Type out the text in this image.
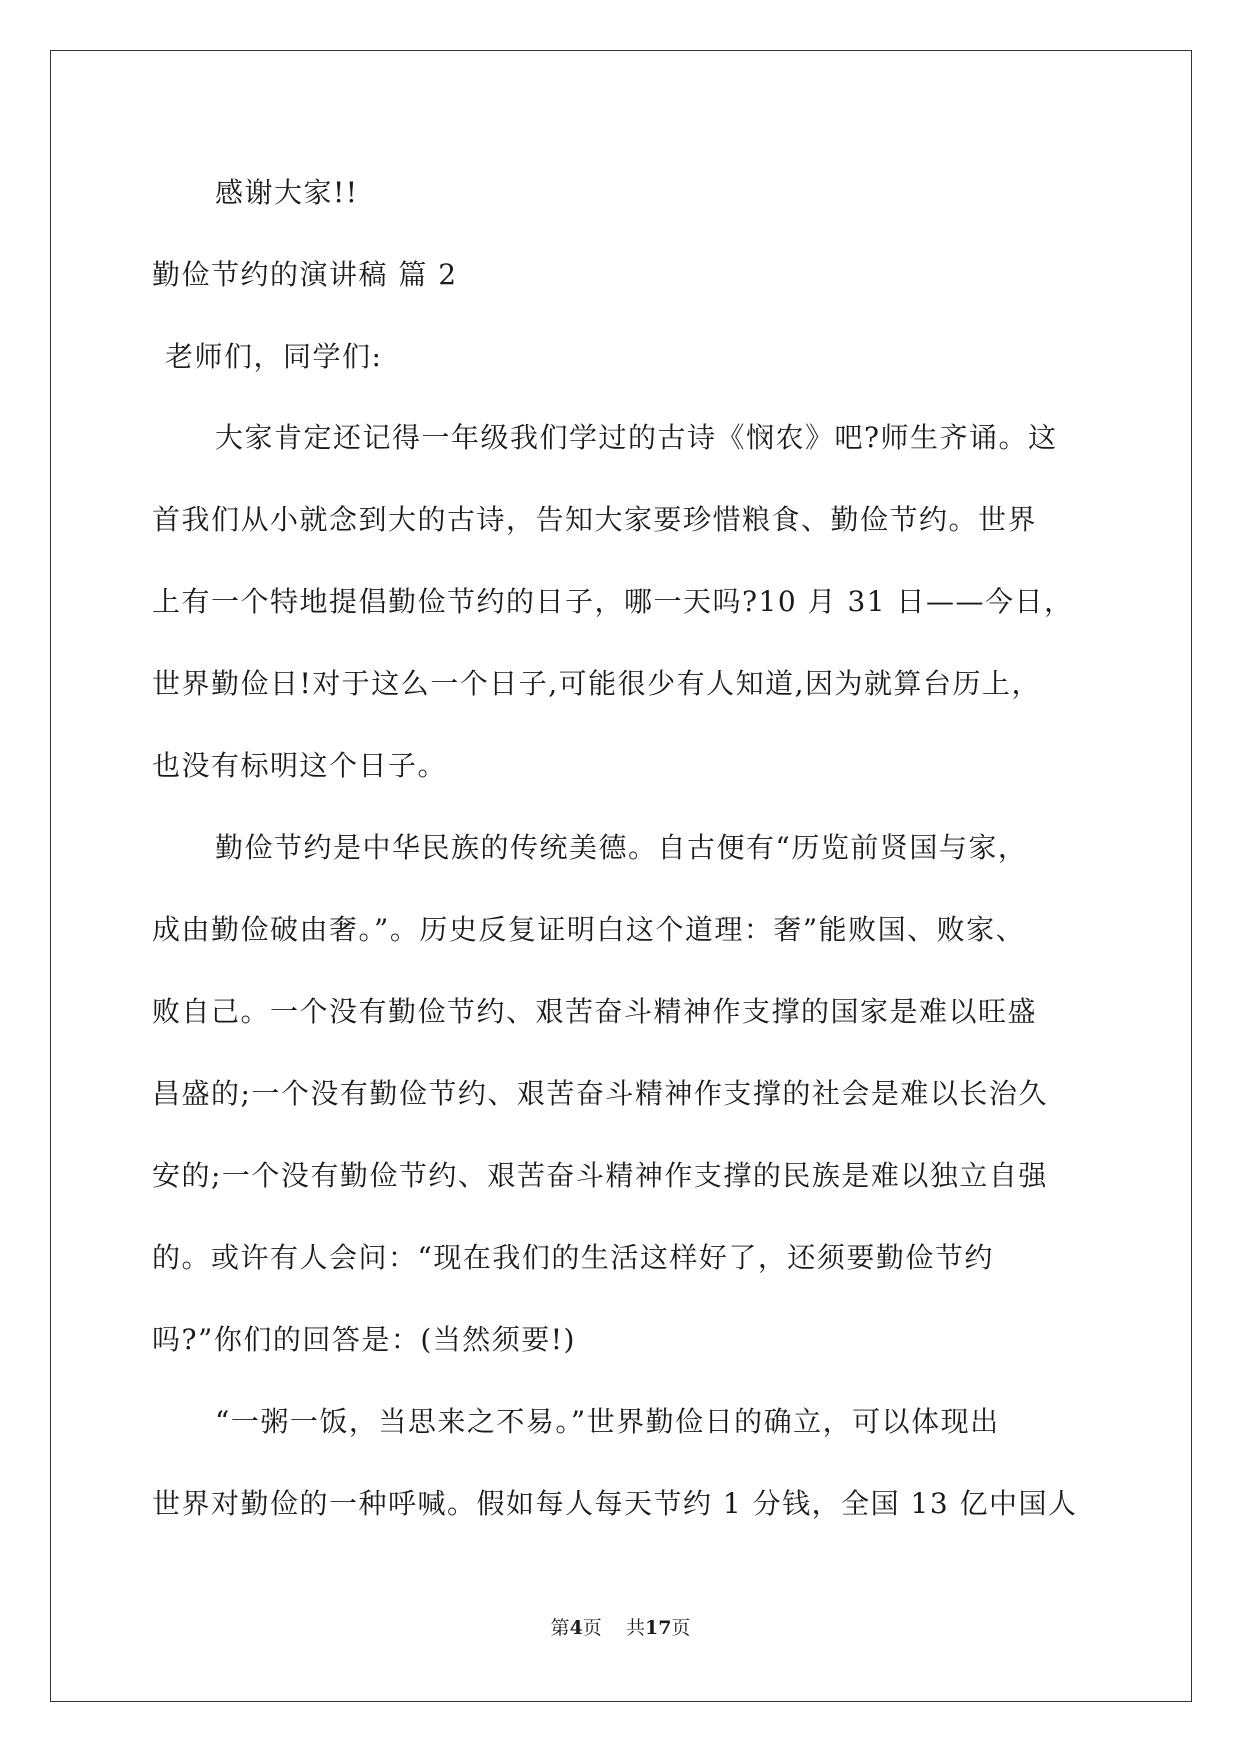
感谢大家!!
勤俭节约的演讲稿 篇 2
老师们，同学们:
大家肯定还记得一年级我们学过的古诗《悯农》吧?师生齐诵。这
首我们从小就念到大的古诗，告知大家要珍惜粮食、勤俭节约。世界
上有一个特地提倡勤俭节约的日子，哪一天吗?10 月 31 日——今日，
世界勤俭日!对于这么一个日子,可能很少有人知道,因为就算台历上，
也没有标明这个日子。
勤俭节约是中华民族的传统美德。自古便有“历览前贤国与家，
成由勤俭破由奢。”。历史反复证明白这个道理：奢”能败国、败家、
败自己。一个没有勤俭节约、艰苦奋斗精神作支撑的国家是难以旺盛
昌盛的;一个没有勤俭节约、艰苦奋斗精神作支撑的社会是难以长治久
安的;一个没有勤俭节约、艰苦奋斗精神作支撑的民族是难以独立自强
的。或许有人会问：“现在我们的生活这样好了，还须要勤俭节约
吗?”你们的回答是：(当然须要!)
“一粥一饭，当思来之不易。”世界勤俭日的确立，可以体现出
世界对勤俭的一种呼喊。假如每人每天节约 1 分钱，全国 13 亿中国人
第4页    共17页
